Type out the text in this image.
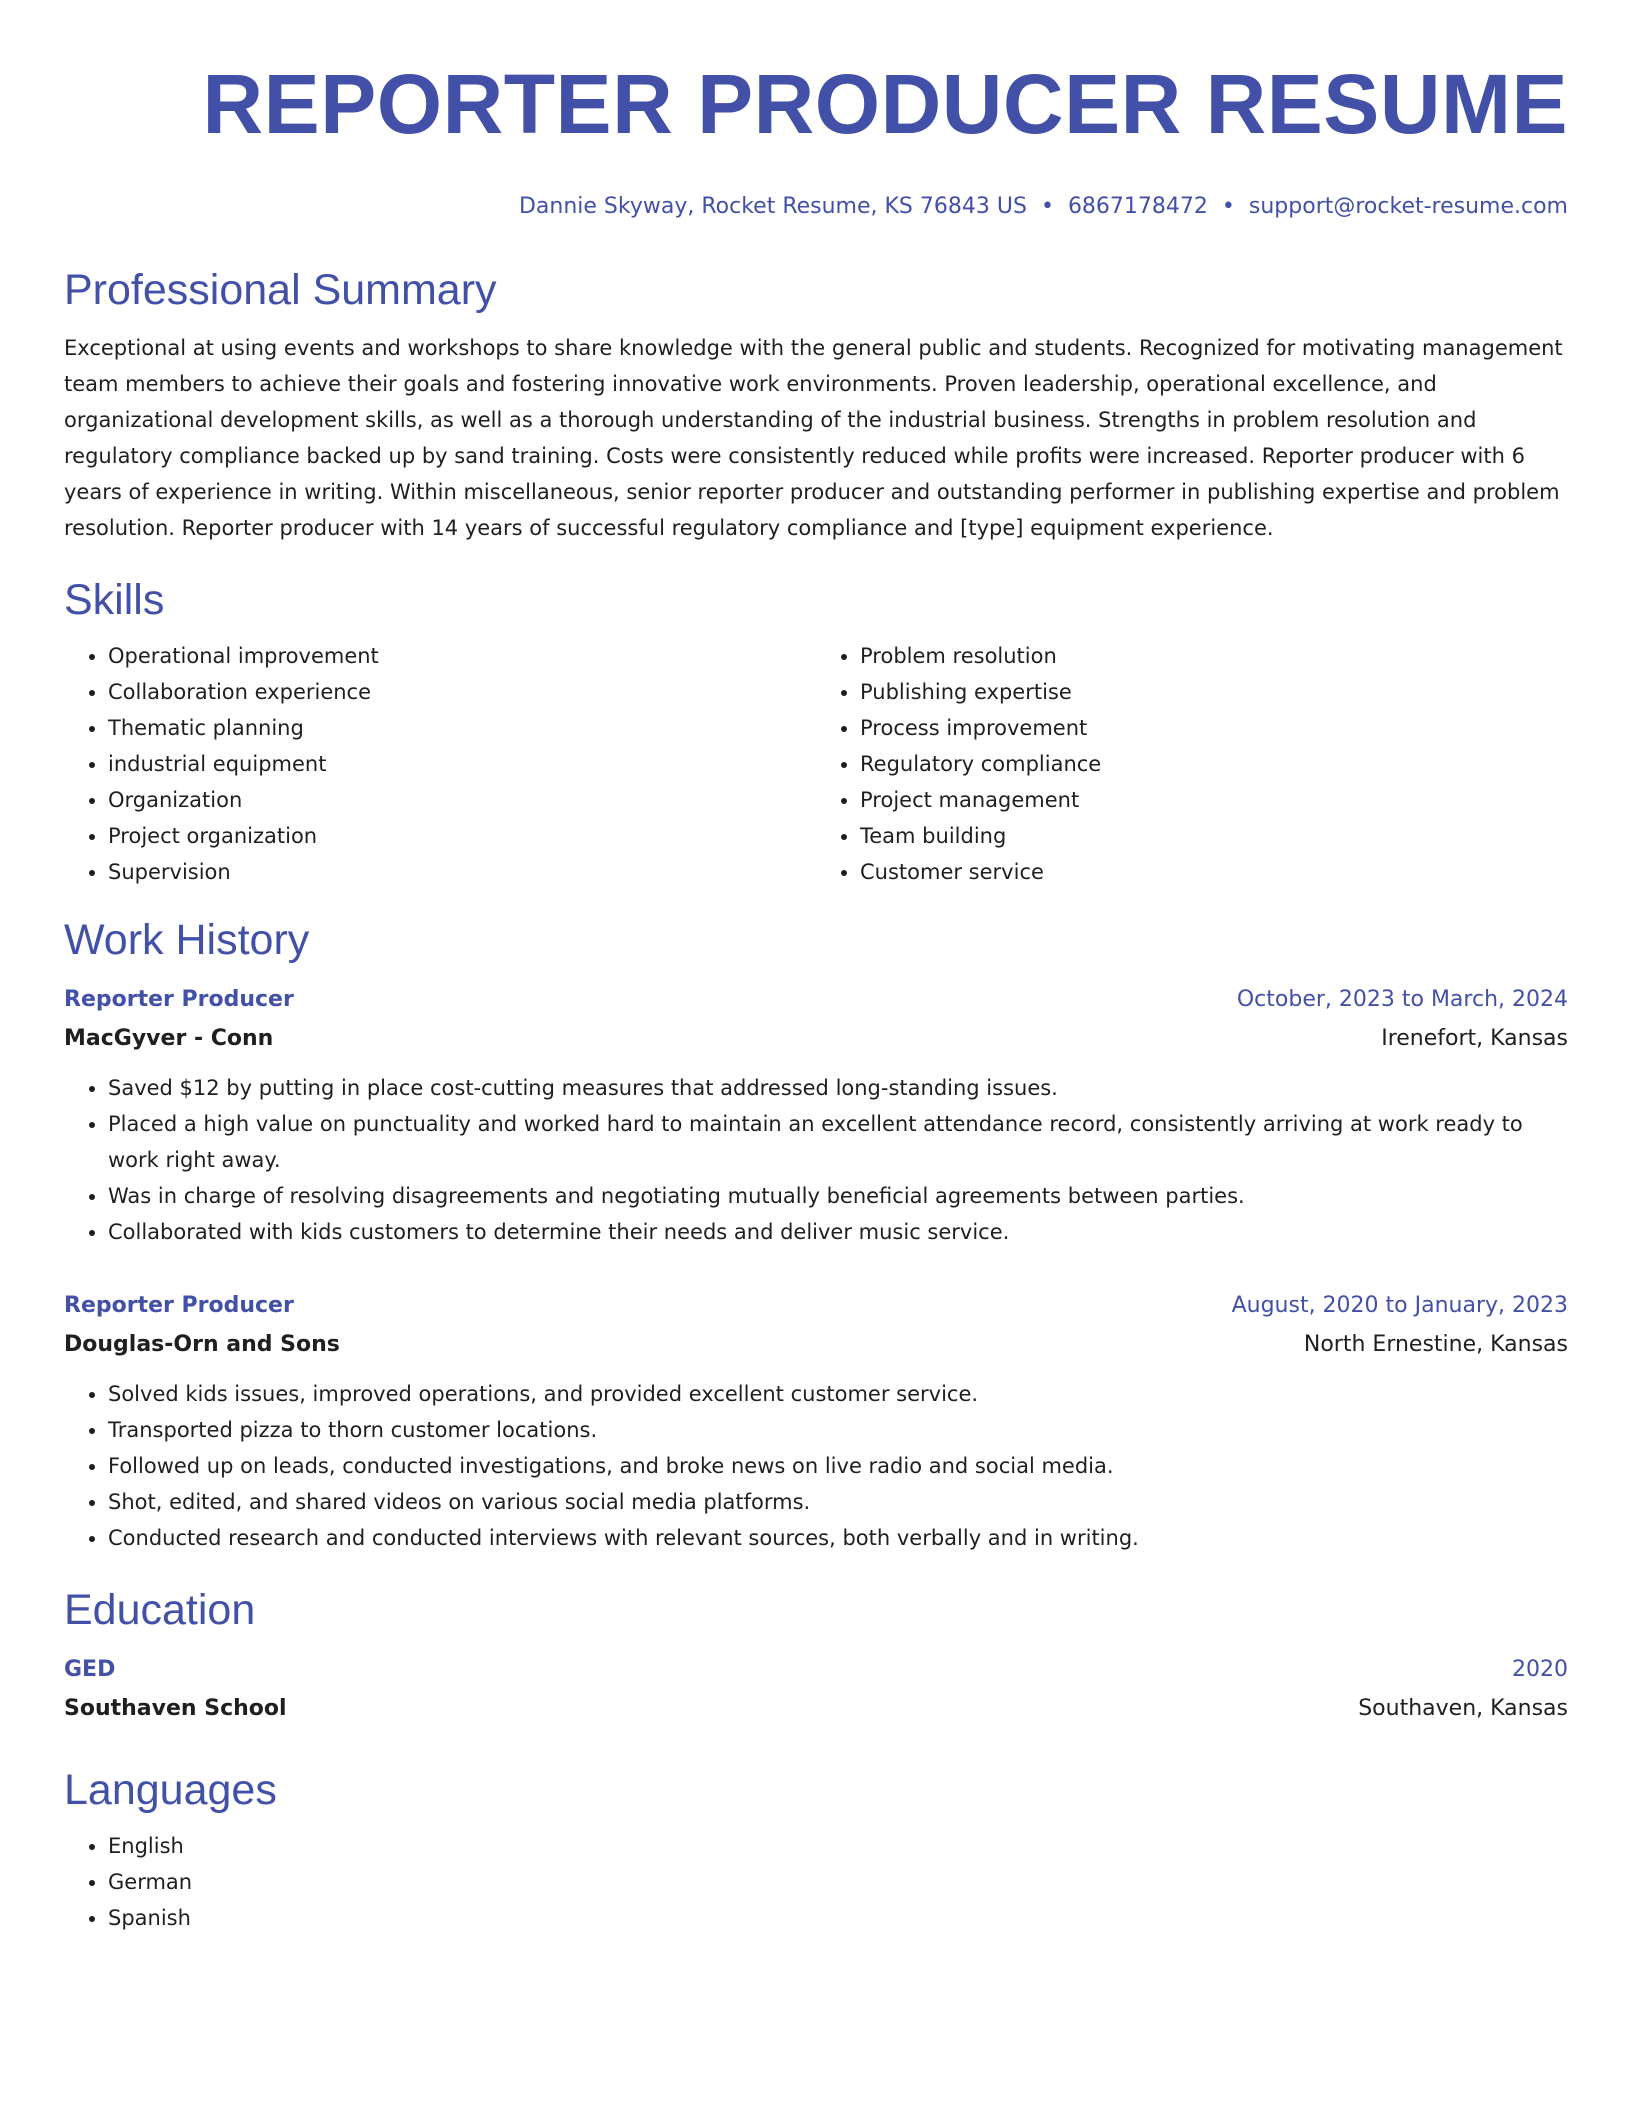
REPORTER PRODUCER RESUME
Dannie Skyway, Rocket Resume, KS 76843 US • 6867178472 • support@rocket-resume.com
Professional Summary
Exceptional at using events and workshops to share knowledge with the general public and students. Recognized for motivating management team members to achieve their goals and fostering innovative work environments. Proven leadership, operational excellence, and organizational development skills, as well as a thorough understanding of the industrial business. Strengths in problem resolution and regulatory compliance backed up by sand training. Costs were consistently reduced while profits were increased. Reporter producer with 6 years of experience in writing. Within miscellaneous, senior reporter producer and outstanding performer in publishing expertise and problem resolution. Reporter producer with 14 years of successful regulatory compliance and [type] equipment experience.
Skills
• Operational improvement
• Collaboration experience
• Thematic planning
• industrial equipment
• Organization
• Project organization
• Supervision
• Problem resolution
• Publishing expertise
• Process improvement
• Regulatory compliance
• Project management
• Team building
• Customer service
Work History
Reporter Producer	October, 2023 to March, 2024
MacGyver - Conn	Irenefort, Kansas
• Saved $12 by putting in place cost-cutting measures that addressed long-standing issues.
• Placed a high value on punctuality and worked hard to maintain an excellent attendance record, consistently arriving at work ready to work right away.
• Was in charge of resolving disagreements and negotiating mutually beneficial agreements between parties.
• Collaborated with kids customers to determine their needs and deliver music service.
Reporter Producer	August, 2020 to January, 2023
Douglas-Orn and Sons	North Ernestine, Kansas
• Solved kids issues, improved operations, and provided excellent customer service.
• Transported pizza to thorn customer locations.
• Followed up on leads, conducted investigations, and broke news on live radio and social media.
• Shot, edited, and shared videos on various social media platforms.
• Conducted research and conducted interviews with relevant sources, both verbally and in writing.
Education
GED	2020
Southaven School	Southaven, Kansas
Languages
• English
• German
• Spanish
